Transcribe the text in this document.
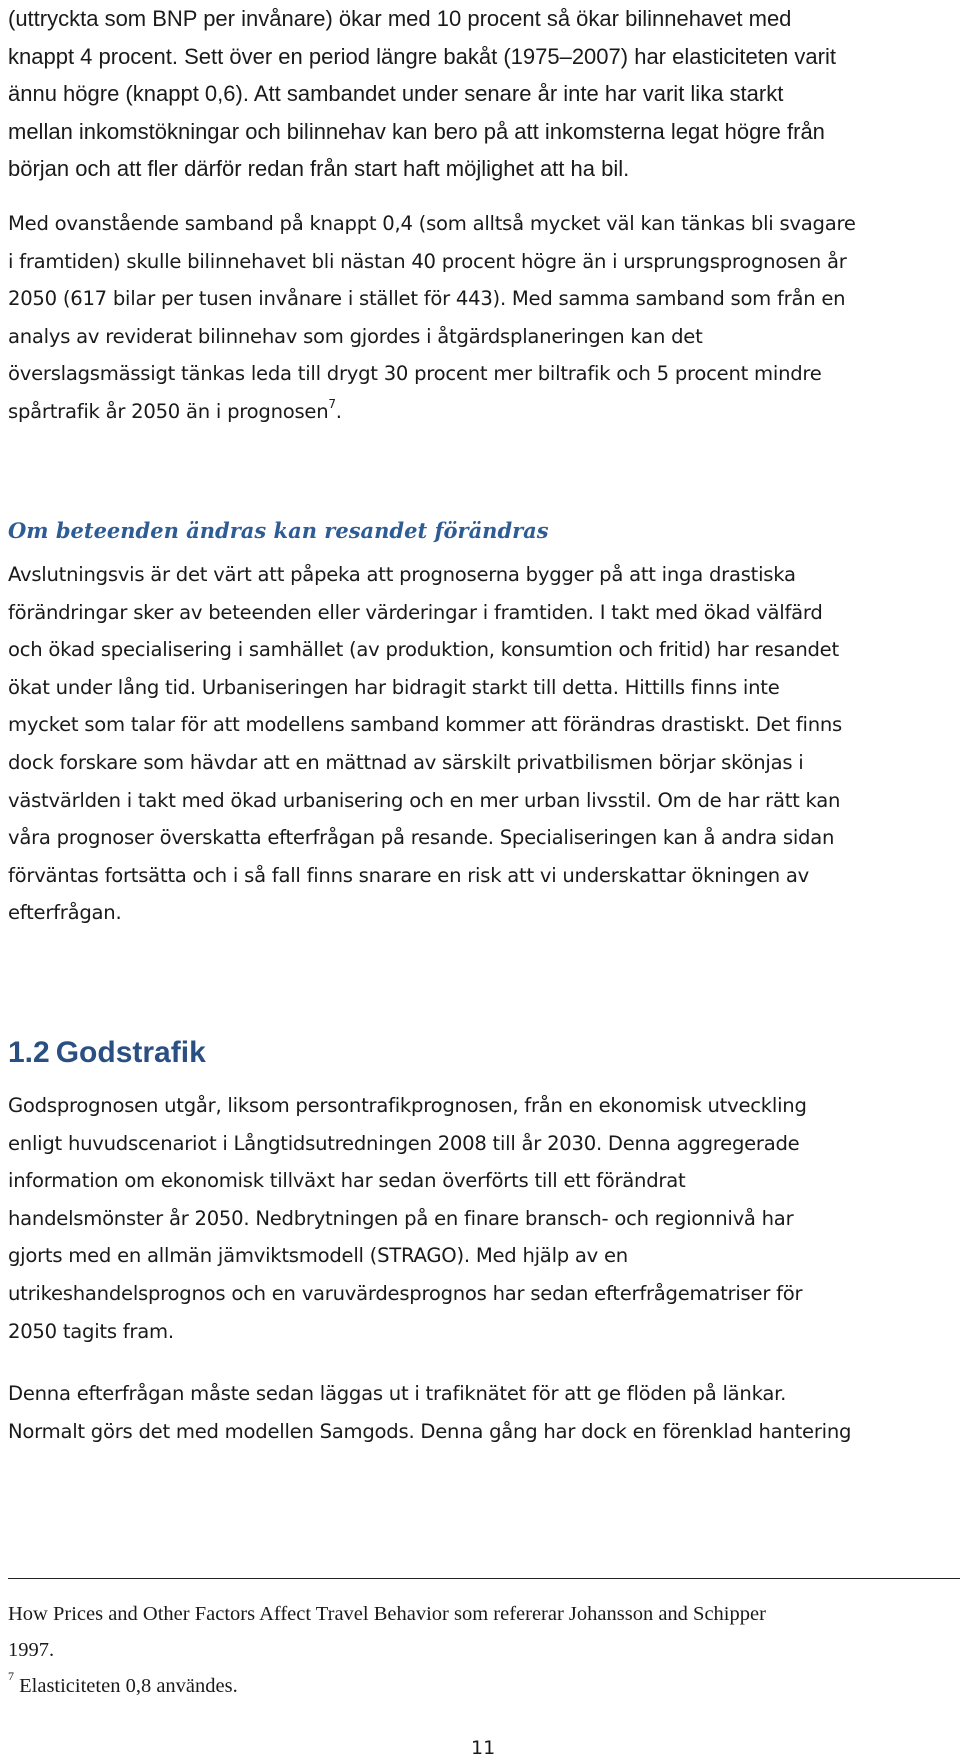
(uttryckta som BNP per invånare) ökar med 10 procent så ökar bilinnehavet med

knappt 4 procent. Sett över en period längre bakåt (1975–2007) har elasticiteten varit

ännu högre (knappt 0,6). Att sambandet under senare år inte har varit lika starkt

mellan inkomstökningar och bilinnehav kan bero på att inkomsterna legat högre från

början och att fler därför redan från start haft möjlighet att ha bil.

Med ovanstående samband på knappt 0,4 (som alltså mycket väl kan tänkas bli svagare

i framtiden) skulle bilinnehavet bli nästan 40 procent högre än i ursprungsprognosen år

2050 (617 bilar per tusen invånare i stället för 443). Med samma samband som från en

analys av reviderat bilinnehav som gjordes i åtgärdsplaneringen kan det

överslagsmässigt tänkas leda till drygt 30 procent mer biltrafik och 5 procent mindre

spårtrafik år 2050 än i prognosen$^7$.

Om beteenden ändras kan resandet förändras

Avslutningsvis är det värt att påpeka att prognoserna bygger på att inga drastiska

förändringar sker av beteenden eller värderingar i framtiden. I takt med ökad välfärd

och ökad specialisering i samhället (av produktion, konsumtion och fritid) har resandet

ökat under lång tid. Urbaniseringen har bidragit starkt till detta. Hittills finns inte

mycket som talar för att modellens samband kommer att förändras drastiskt. Det finns

dock forskare som hävdar att en mättnad av särskilt privatbilismen börjar skönjas i

västvärlden i takt med ökad urbanisering och en mer urban livsstil. Om de har rätt kan

våra prognoser överskatta efterfrågan på resande. Specialiseringen kan å andra sidan

förväntas fortsätta och i så fall finns snarare en risk att vi underskattar ökningen av

efterfrågan.

1.2 Godstrafik

Godsprognosen utgår, liksom persontrafikprognosen, från en ekonomisk utveckling

enligt huvudscenariot i Långtidsutredningen 2008 till år 2030. Denna aggregerade

information om ekonomisk tillväxt har sedan överförts till ett förändrat

handelsmönster år 2050. Nedbrytningen på en finare bransch- och regionnivå har

gjorts med en allmän jämviktsmodell (STRAGO). Med hjälp av en

utrikeshandelsprognos och en varuvärdesprognos har sedan efterfrågematriser för

2050 tagits fram.

Denna efterfrågan måste sedan läggas ut i trafiknätet för att ge flöden på länkar.

Normalt görs det med modellen Samgods. Denna gång har dock en förenklad hantering

How Prices and Other Factors Affect Travel Behavior som refererar Johansson and Schipper
1997.
$^7$ Elasticiteten 0,8 användes.
11
